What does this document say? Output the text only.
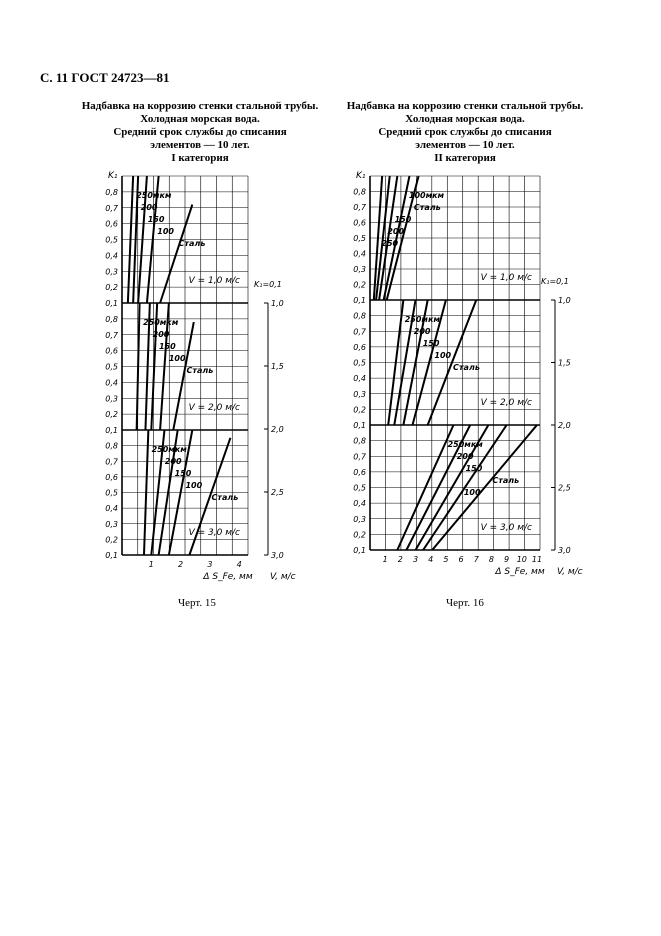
С. 11 ГОСТ 24723—81
Надбавка на коррозию стенки стальной трубы.
Холодная морская вода.
Средний срок службы до списания
элементов — 10 лет.
I категория
Надбавка на коррозию стенки стальной трубы.
Холодная морская вода.
Средний срок службы до списания
элементов — 10 лет.
II категория
Черт. 15	Черт. 16
0,1
0,2
0,3
0,4
0,5
0,6
0,7
0,8
V = 1,0 м/с
250мкм
200
150
100
Сталь
0,1
0,2
0,3
0,4
0,5
0,6
0,7
0,8
V = 2,0 м/с
250мкм
200
150
100
Сталь
0,1
0,2
0,3
0,4
0,5
0,6
0,7
0,8
V = 3,0 м/с
250мкм
200
150
100
Сталь
K₁
1	2	3	4
Δ S_Fe, мм
1,0
1,5
2,0
2,5
3,0
K₁=0,1
V, м/с
0,1
0,2
0,3
0,4
0,5
0,6
0,7
0,8
V = 1,0 м/с
100мкм
Сталь
150
200
250
0,1
0,2
0,3
0,4
0,5
0,6
0,7
0,8
V = 2,0 м/с
250мкм
200
150
100
Сталь
0,1
0,2
0,3
0,4
0,5
0,6
0,7
0,8
V = 3,0 м/с
250мкм
200
150
Сталь
100
K₁
1 2 3 4 5 6 7 8 9 10 11
Δ S_Fe, мм
1,0
1,5
2,0
2,5
3,0
K₁=0,1
V, м/с
